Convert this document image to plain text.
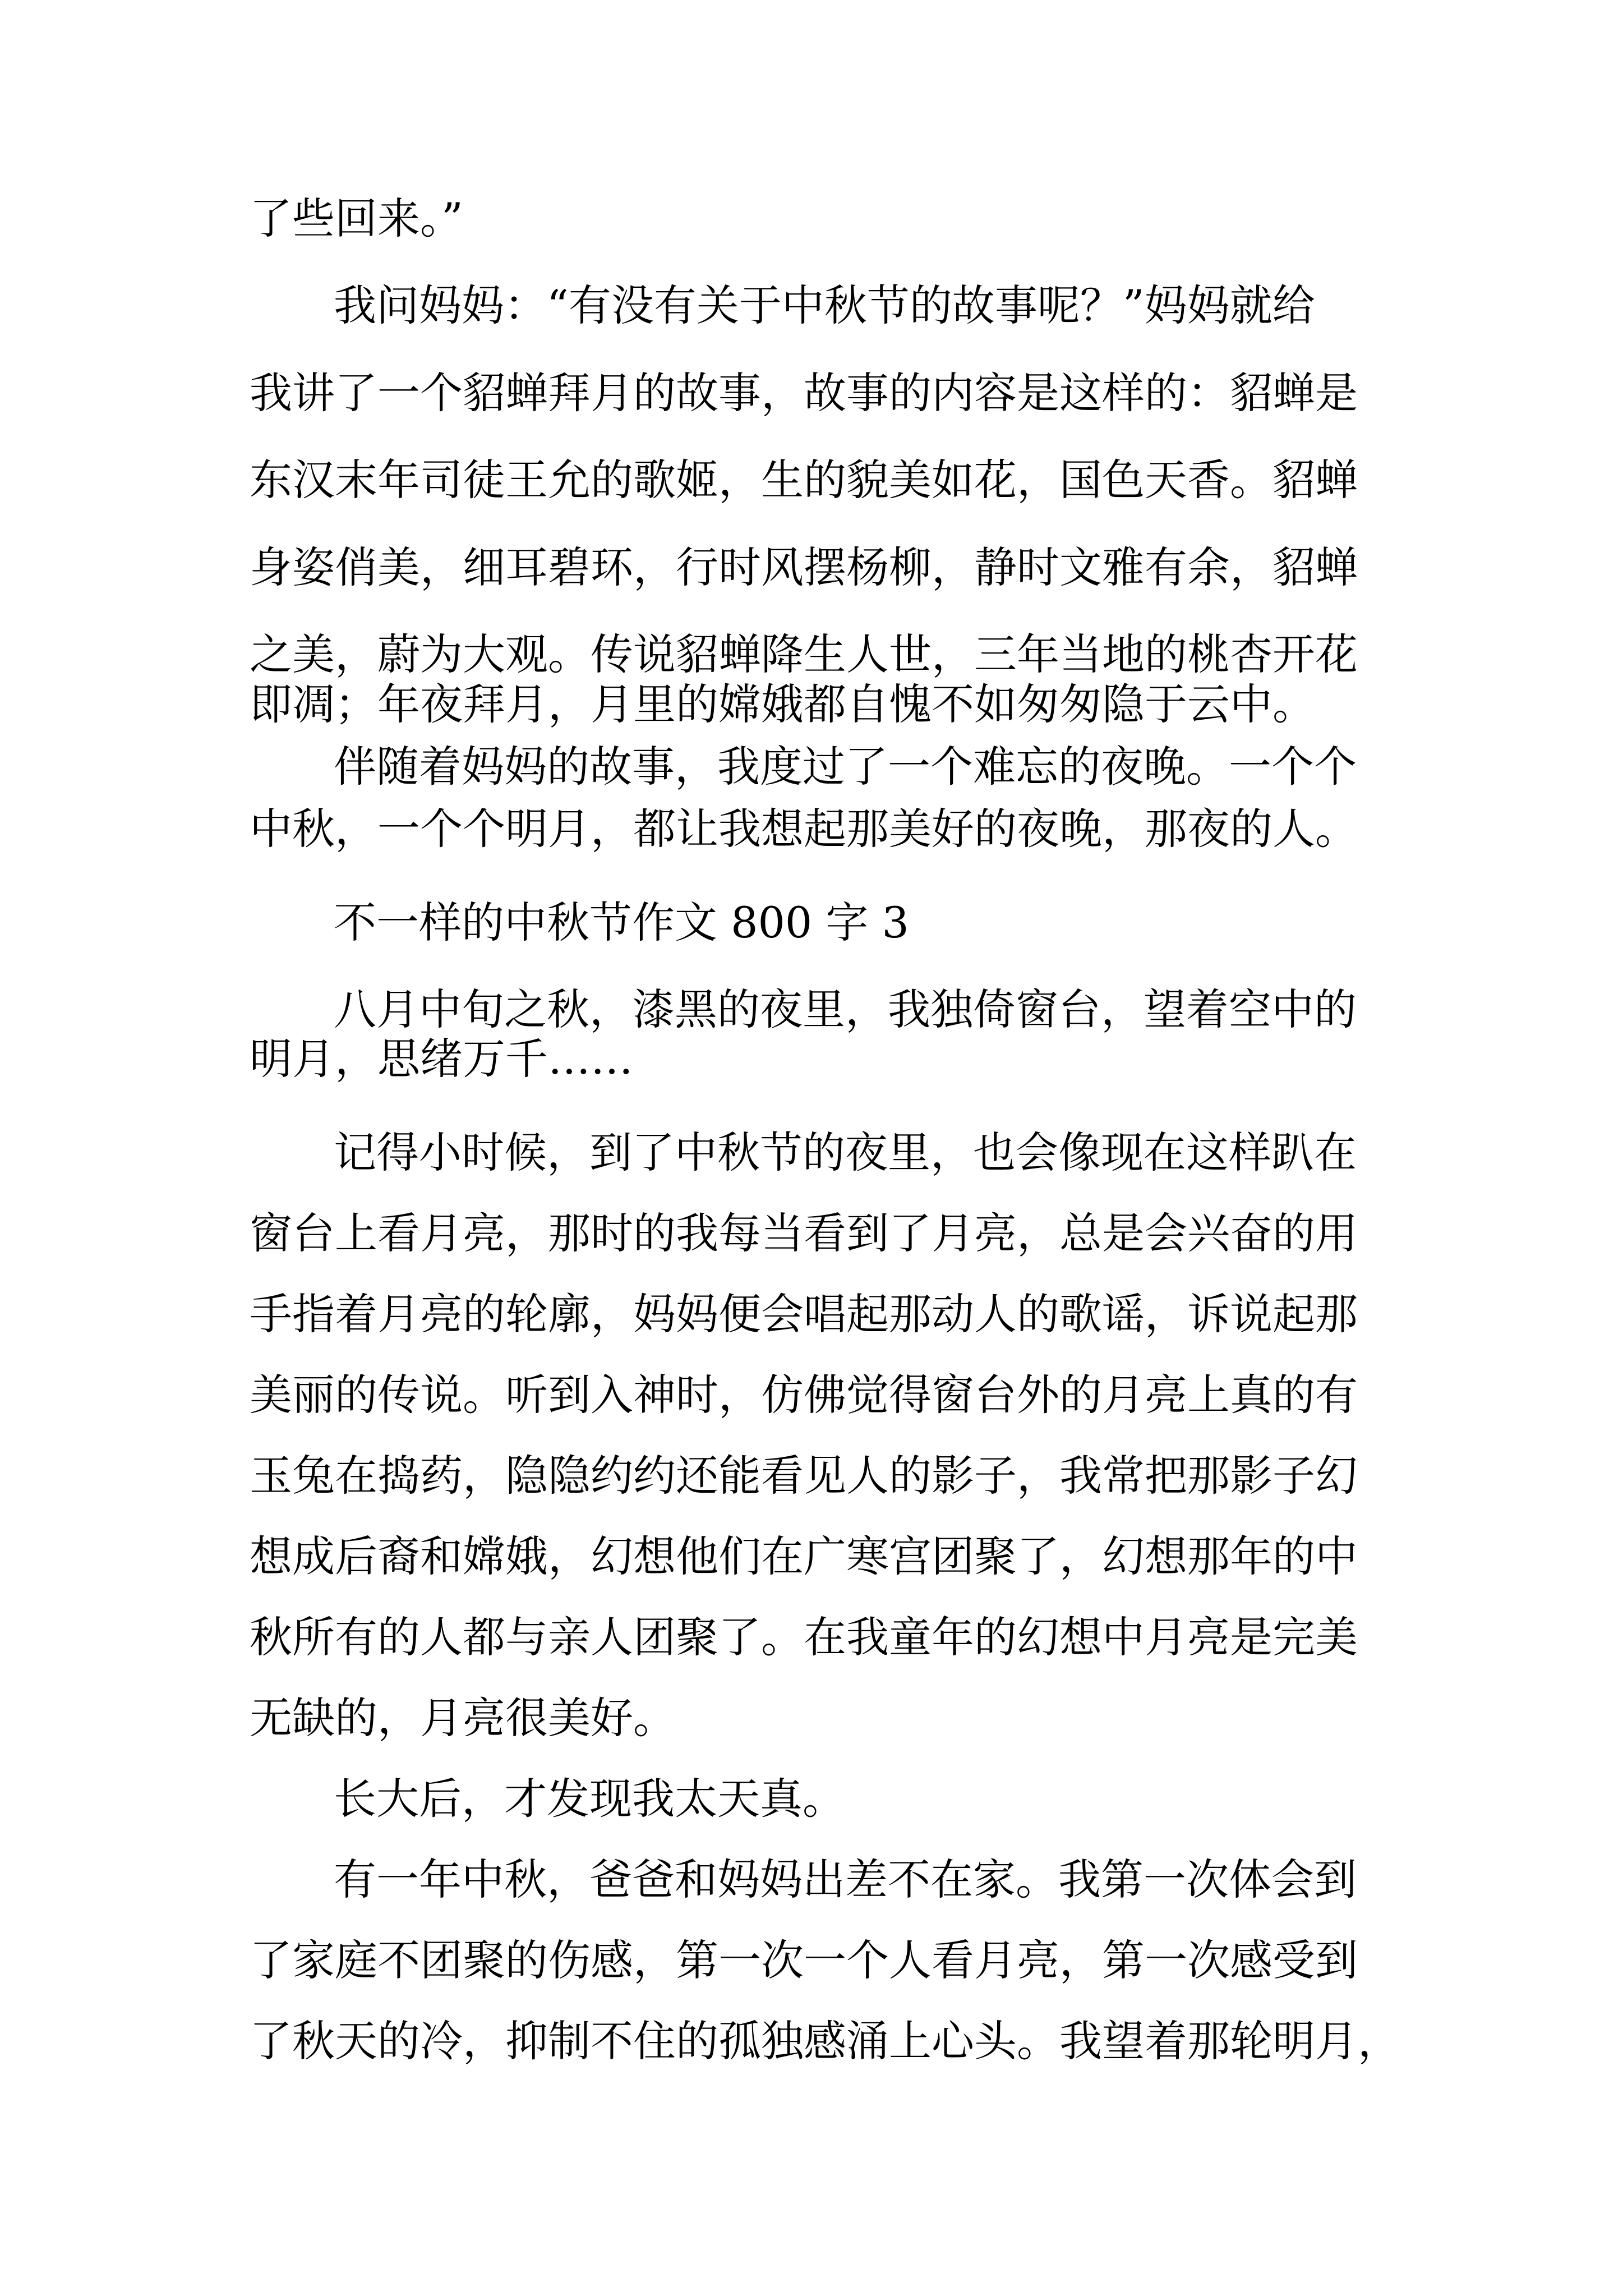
了些回来。”
我问妈妈：“有没有关于中秋节的故事呢？”妈妈就给
我讲了一个貂蝉拜月的故事，故事的内容是这样的：貂蝉是
东汉末年司徒王允的歌姬，生的貌美如花，国色天香。貂蝉
身姿俏美，细耳碧环，行时风摆杨柳，静时文雅有余，貂蝉
之美，蔚为大观。传说貂蝉降生人世，三年当地的桃杏开花
即凋；年夜拜月，月里的嫦娥都自愧不如匆匆隐于云中。
伴随着妈妈的故事，我度过了一个难忘的夜晚。一个个
中秋，一个个明月，都让我想起那美好的夜晚，那夜的人。
不一样的中秋节作文 800 字 3
八月中旬之秋，漆黑的夜里，我独倚窗台，望着空中的
明月，思绪万千……
记得小时候，到了中秋节的夜里，也会像现在这样趴在
窗台上看月亮，那时的我每当看到了月亮，总是会兴奋的用
手指着月亮的轮廓，妈妈便会唱起那动人的歌谣，诉说起那
美丽的传说。听到入神时，仿佛觉得窗台外的月亮上真的有
玉兔在捣药，隐隐约约还能看见人的影子，我常把那影子幻
想成后裔和嫦娥，幻想他们在广寒宫团聚了，幻想那年的中
秋所有的人都与亲人团聚了。在我童年的幻想中月亮是完美
无缺的，月亮很美好。
长大后，才发现我太天真。
有一年中秋，爸爸和妈妈出差不在家。我第一次体会到
了家庭不团聚的伤感，第一次一个人看月亮，第一次感受到
了秋天的冷，抑制不住的孤独感涌上心头。我望着那轮明月，
